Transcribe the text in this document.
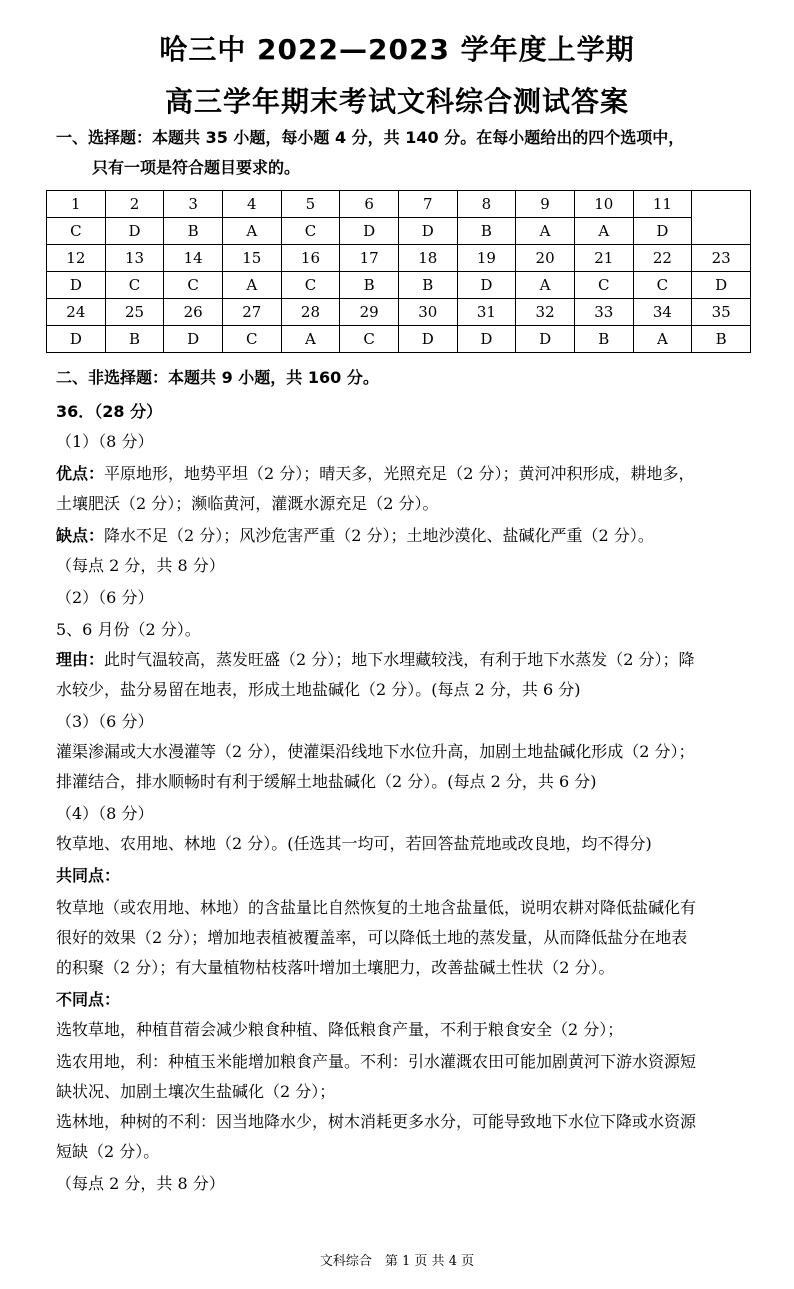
哈三中 2022—2023 学年度上学期
高三学年期末考试文科综合测试答案
一、选择题：本题共 35 小题，每小题 4 分，共 140 分。在每小题给出的四个选项中，
只有一项是符合题目要求的。
1	2	3	4	5	6	7	8	9	10	11	
C	D	B	A	C	D	D	B	A	A	D	
12	13	14	15	16	17	18	19	20	21	22	23
D	C	C	A	C	B	B	D	A	C	C	D
24	25	26	27	28	29	30	31	32	33	34	35
D	B	D	C	A	C	D	D	D	B	A	B
二、非选择题：本题共 9 小题，共 160 分。
36．（28 分）
（1）（8 分）
优点：平原地形，地势平坦（2 分）；晴天多，光照充足（2 分）；黄河冲积形成，耕地多，
土壤肥沃（2 分）；濒临黄河，灌溉水源充足（2 分）。
缺点：降水不足（2 分）；风沙危害严重（2 分）；土地沙漠化、盐碱化严重（2 分）。
（每点 2 分，共 8 分）
（2）（6 分）
5、6 月份（2 分）。
理由：此时气温较高，蒸发旺盛（2 分）；地下水埋藏较浅，有利于地下水蒸发（2 分）；降
水较少，盐分易留在地表，形成土地盐碱化（2 分）。(每点 2 分，共 6 分)
（3）（6 分）
灌渠渗漏或大水漫灌等（2 分），使灌渠沿线地下水位升高，加剧土地盐碱化形成（2 分）；
排灌结合，排水顺畅时有利于缓解土地盐碱化（2 分）。(每点 2 分，共 6 分)
（4）（8 分）
牧草地、农用地、林地（2 分）。(任选其一均可，若回答盐荒地或改良地，均不得分)
共同点：
牧草地（或农用地、林地）的含盐量比自然恢复的土地含盐量低，说明农耕对降低盐碱化有
很好的效果（2 分）；增加地表植被覆盖率，可以降低土地的蒸发量，从而降低盐分在地表
的积聚（2 分）；有大量植物枯枝落叶增加土壤肥力，改善盐碱土性状（2 分）。
不同点：
选牧草地，种植苜蓿会减少粮食种植、降低粮食产量，不利于粮食安全（2 分）；
选农用地，利：种植玉米能增加粮食产量。不利：引水灌溉农田可能加剧黄河下游水资源短
缺状况、加剧土壤次生盐碱化（2 分）；
选林地，种树的不利：因当地降水少，树木消耗更多水分，可能导致地下水位下降或水资源
短缺（2 分）。
（每点 2 分，共 8 分）
文科综合　第 1 页 共 4 页
